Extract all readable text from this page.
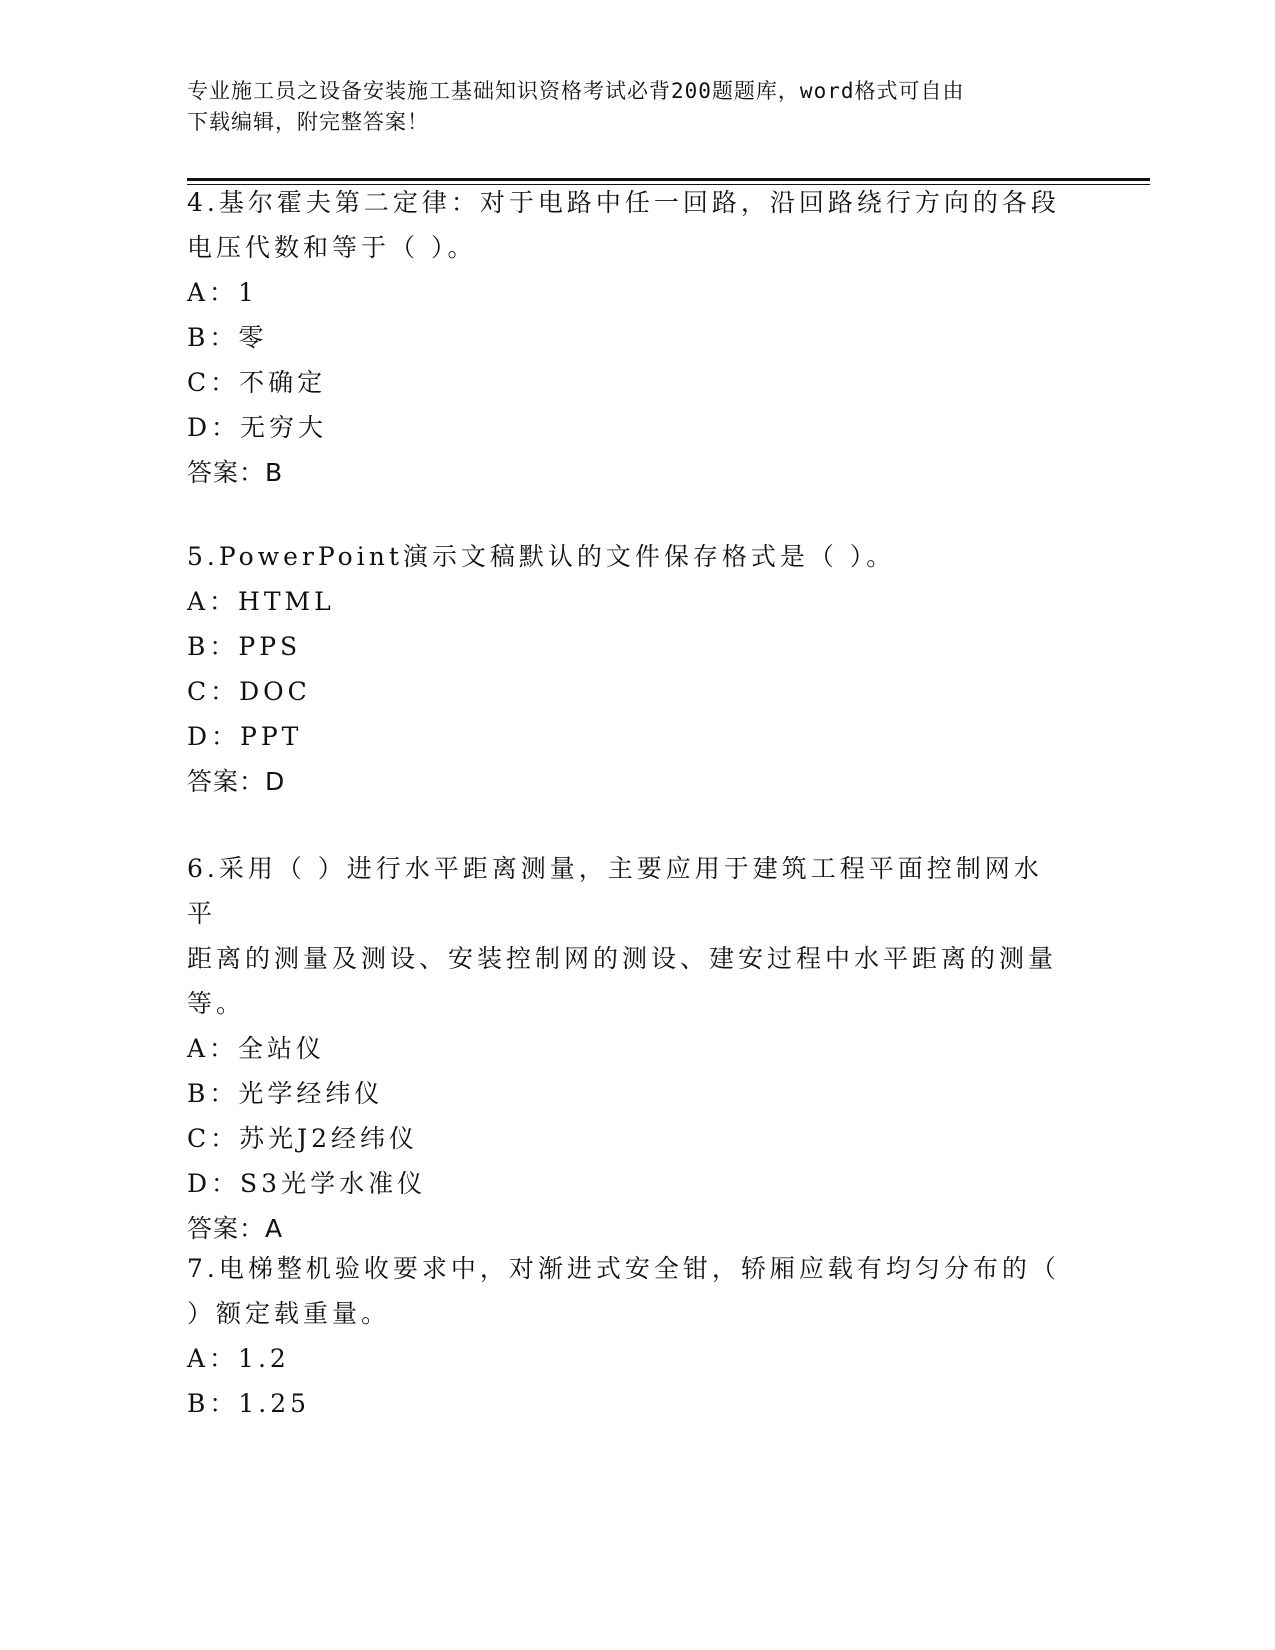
专业施工员之设备安装施工基础知识资格考试必背200题题库，word格式可自由
下载编辑，附完整答案！

4.基尔霍夫第二定律：对于电路中任一回路，沿回路绕行方向的各段

电压代数和等于（ ）。

A：1

B：零

C：不确定

D：无穷大

答案：B

5.PowerPoint演示文稿默认的文件保存格式是（ ）。

A：HTML

B：PPS

C：DOC

D：PPT

答案：D

6.采用（ ）进行水平距离测量，主要应用于建筑工程平面控制网水平

距离的测量及测设、安装控制网的测设、建安过程中水平距离的测量

等。

A：全站仪

B：光学经纬仪

C：苏光J2经纬仪

D：S3光学水准仪

答案：A

7.电梯整机验收要求中，对渐进式安全钳，轿厢应载有均匀分布的（

）额定载重量。

A：1.2

B：1.25
